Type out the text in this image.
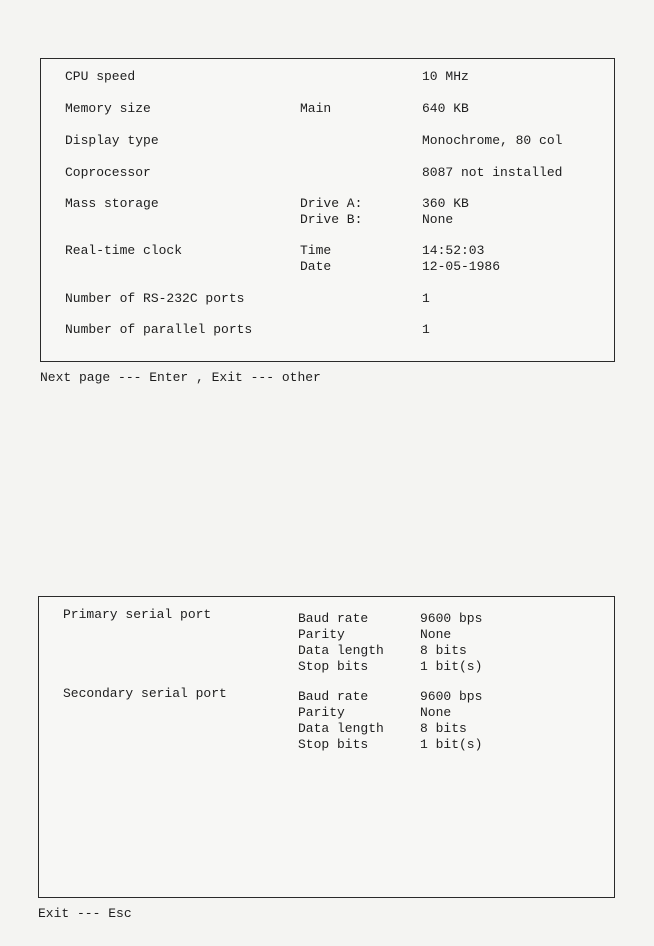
CPU speed	10 MHz
Memory size	Main	640 KB
Display type	Monochrome, 80 col
Coprocessor	8087 not installed
Mass storage	Drive A:	360 KB
Drive B:	None
Real-time clock	Time	14:52:03
Date	12-05-1986
Number of RS-232C ports	1
Number of parallel ports	1
Next page --- Enter , Exit --- other
Primary serial port	Baud rate	9600 bps
Parity	None
Data length	8 bits
Stop bits	1 bit(s)
Secondary serial port	Baud rate	9600 bps
Parity	None
Data length	8 bits
Stop bits	1 bit(s)
Exit --- Esc
